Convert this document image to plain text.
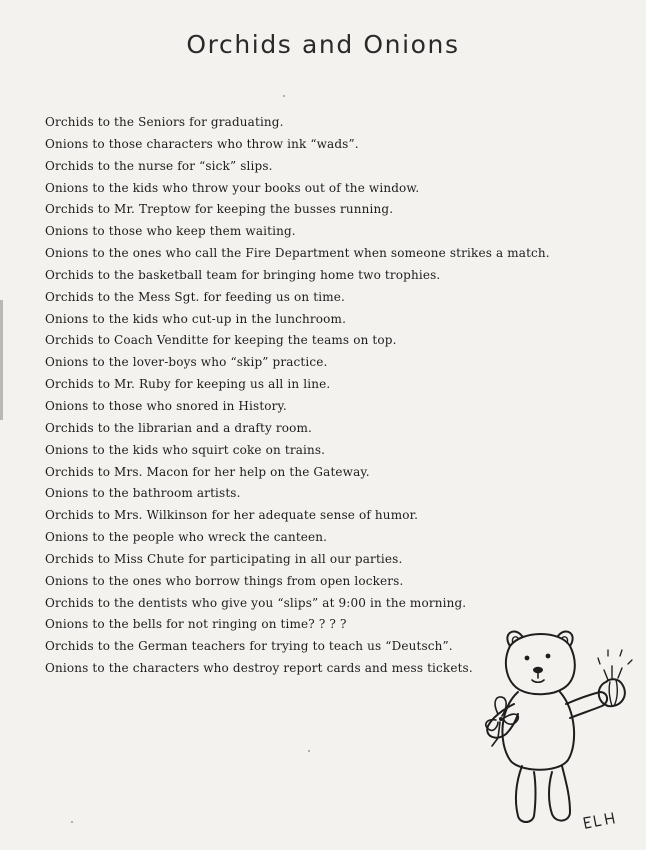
Orchids and Onions
Orchids to the Seniors for graduating.
Onions to those characters who throw ink “wads”.
Orchids to the nurse for “sick” slips.
Onions to the kids who throw your books out of the window.
Orchids to Mr. Treptow for keeping the busses running.
Onions to those who keep them waiting.
Onions to the ones who call the Fire Department when someone strikes a match.
Orchids to the basketball team for bringing home two trophies.
Orchids to the Mess Sgt. for feeding us on time.
Onions to the kids who cut-up in the lunchroom.
Orchids to Coach Venditte for keeping the teams on top.
Onions to the lover-boys who “skip” practice.
Orchids to Mr. Ruby for keeping us all in line.
Onions to those who snored in History.
Orchids to the librarian and a drafty room.
Onions to the kids who squirt coke on trains.
Orchids to Mrs. Macon for her help on the Gateway.
Onions to the bathroom artists.
Orchids to Mrs. Wilkinson for her adequate sense of humor.
Onions to the people who wreck the canteen.
Orchids to Miss Chute for participating in all our parties.
Onions to the ones who borrow things from open lockers.
Orchids to the dentists who give you “slips” at 9:00 in the morning.
Onions to the bells for not ringing on time? ? ? ?
Orchids to the German teachers for trying to teach us “Deutsch”.
Onions to the characters who destroy report cards and mess tickets.
